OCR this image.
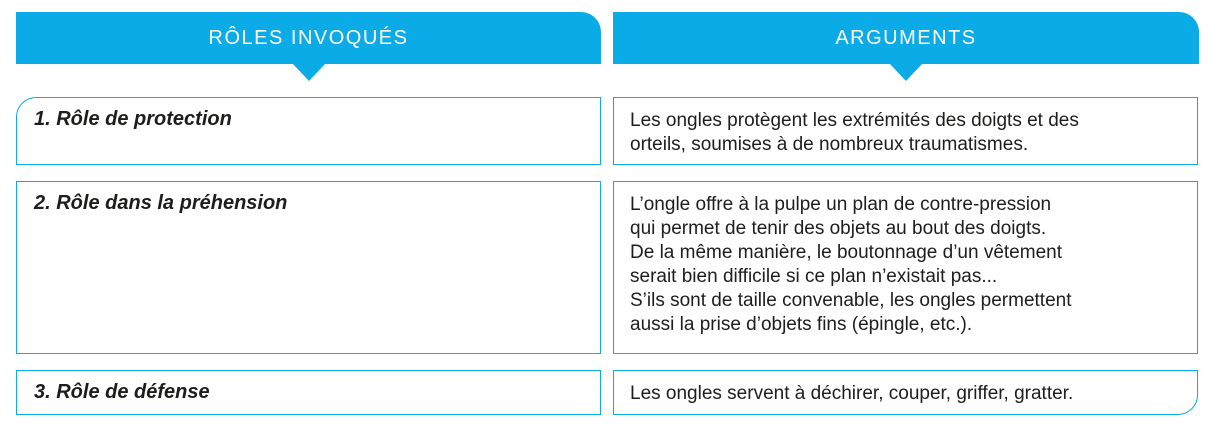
RÔLES INVOQUÉS	ARGUMENTS
1. Rôle de protection	Les ongles protègent les extrémités des doigts et des
orteils, soumises à de nombreux traumatismes.
2. Rôle dans la préhension	L’ongle offre à la pulpe un plan de contre-pression
qui permet de tenir des objets au bout des doigts.
De la même manière, le boutonnage d’un vêtement
serait bien difficile si ce plan n’existait pas...
S’ils sont de taille convenable, les ongles permettent
aussi la prise d’objets fins (épingle, etc.).
3. Rôle de défense	Les ongles servent à déchirer, couper, griffer, gratter.
